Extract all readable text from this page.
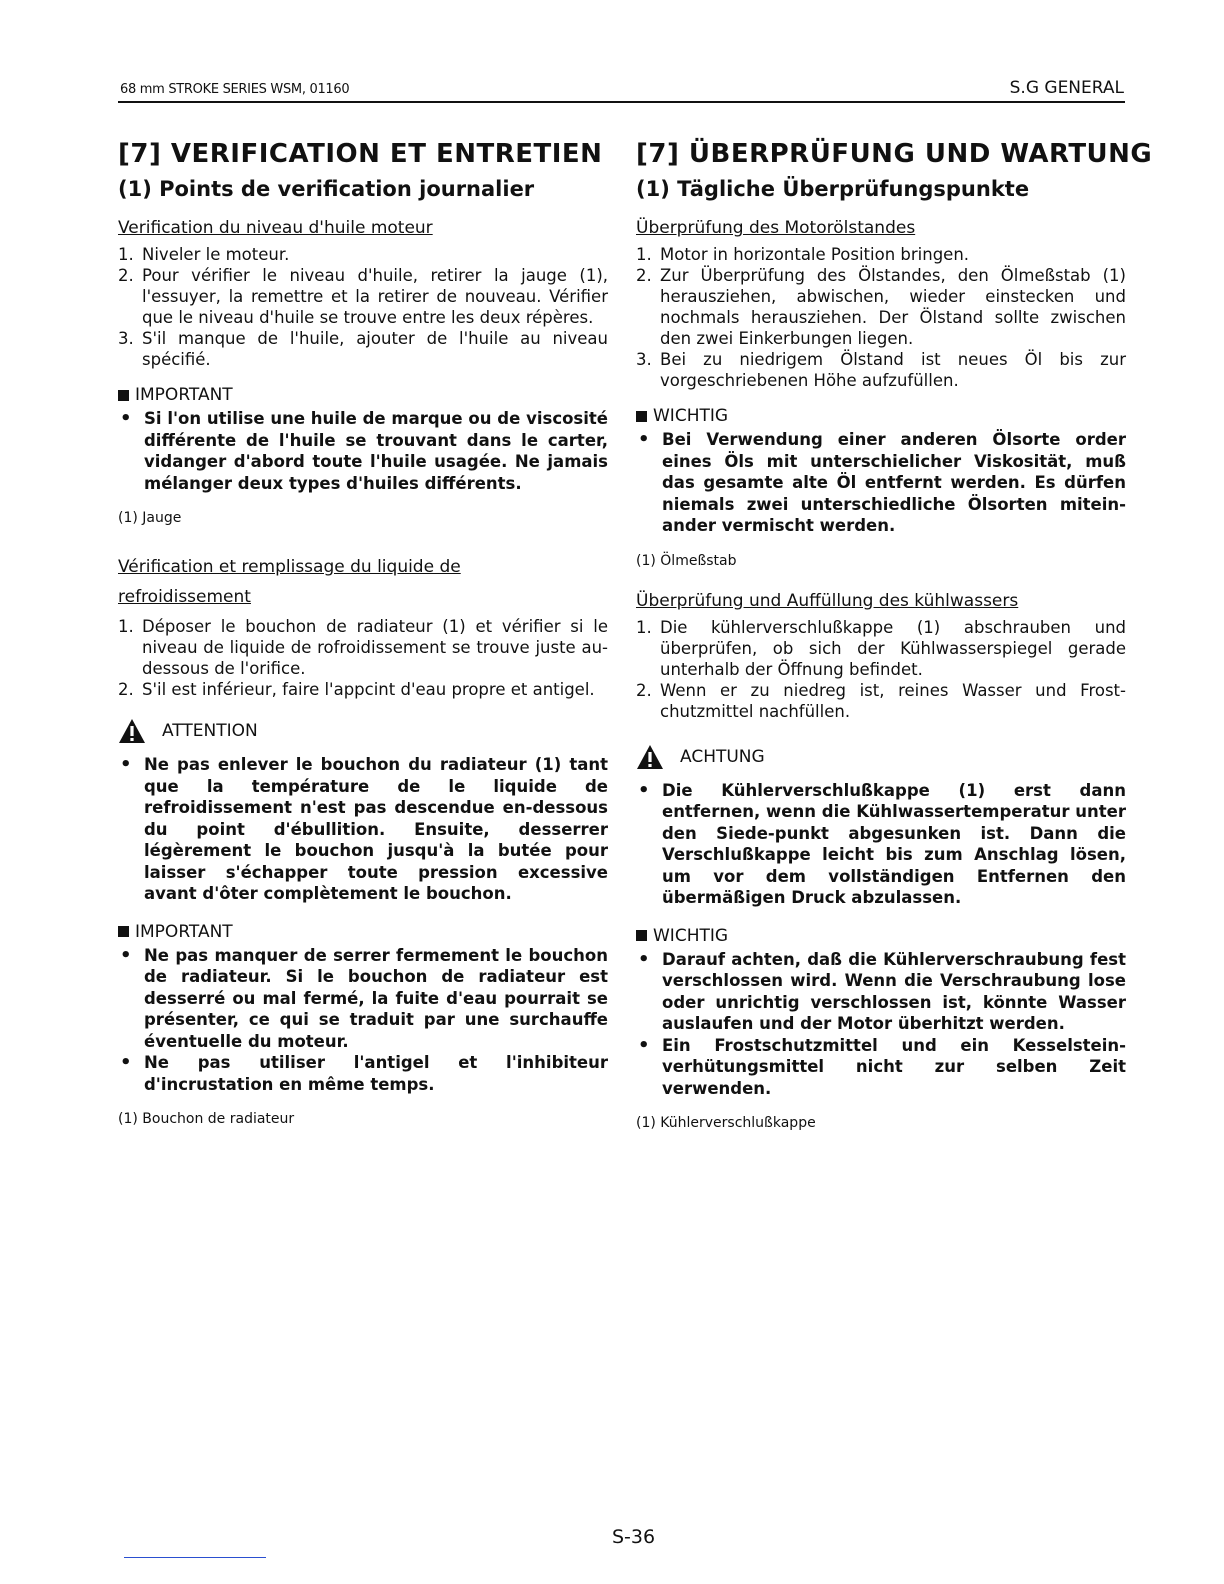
68 mm STROKE SERIES WSM, 01160	S.G GENERAL
[7] VERIFICATION ET ENTRETIEN
(1) Points de verification journalier
Verification du niveau d'huile moteur
1. Niveler le moteur.
2. Pour vérifier le niveau d'huile, retirer la jauge (1), l'essuyer, la remettre et la retirer de nouveau. Vérifier que le niveau d'huile se trouve entre les deux répères.
3. S'il manque de l'huile, ajouter de l'huile au niveau spécifié.
IMPORTANT
• Si l'on utilise une huile de marque ou de viscosité différente de l'huile se trouvant dans le carter, vidanger d'abord toute l'huile usagée. Ne jamais mélanger deux types d'huiles différents.
(1) Jauge
Vérification et remplissage du liquide de
refroidissement
1. Déposer le bouchon de radiateur (1) et vérifier si le niveau de liquide de rofroidissement se trouve juste au-dessous de l'orifice.
2. S'il est inférieur, faire l'appcint d'eau propre et antigel.
ATTENTION
• Ne pas enlever le bouchon du radiateur (1) tant que la température de le liquide de refroidissement n'est pas descendue en-dessous du point d'ébullition. Ensuite, desserrer légèrement le bouchon jusqu'à la butée pour laisser s'échapper toute pression excessive avant d'ôter complètement le bouchon.
IMPORTANT
• Ne pas manquer de serrer fermement le bouchon de radiateur. Si le bouchon de radiateur est desserré ou mal fermé, la fuite d'eau pourrait se présenter, ce qui se traduit par une surchauffe éventuelle du moteur.
• Ne pas utiliser l'antigel et l'inhibiteur d'incrustation en même temps.
(1) Bouchon de radiateur
[7] ÜBERPRÜFUNG UND WARTUNG
(1) Tägliche Überprüfungspunkte
Überprüfung des Motorölstandes
1. Motor in horizontale Position bringen.
2. Zur Überprüfung des Ölstandes, den Ölmeßstab (1) herausziehen, abwischen, wieder einstecken und nochmals herausziehen. Der Ölstand sollte zwischen den zwei Einkerbungen liegen.
3. Bei zu niedrigem Ölstand ist neues Öl bis zur vorgeschriebenen Höhe aufzufüllen.
WICHTIG
• Bei Verwendung einer anderen Ölsorte order eines Öls mit unterschielicher Viskosität, muß das gesamte alte Öl entfernt werden. Es dürfen niemals zwei unterschiedliche Ölsorten mitein-ander vermischt werden.
(1) Ölmeßstab
Überprüfung und Auffüllung des kühlwassers
1. Die kühlerverschlußkappe (1) abschrauben und überprüfen, ob sich der Kühlwasserspiegel gerade unterhalb der Öffnung befindet.
2. Wenn er zu niedreg ist, reines Wasser und Frost-chutzmittel nachfüllen.
ACHTUNG
• Die Kühlerverschlußkappe (1) erst dann entfernen, wenn die Kühlwassertemperatur unter den Siede-punkt abgesunken ist. Dann die Verschlußkappe leicht bis zum Anschlag lösen, um vor dem vollständigen Entfernen den übermäßigen Druck abzulassen.
WICHTIG
• Darauf achten, daß die Kühlerverschraubung fest verschlossen wird. Wenn die Verschraubung lose oder unrichtig verschlossen ist, könnte Wasser auslaufen und der Motor überhitzt werden.
• Ein Frostschutzmittel und ein Kesselstein-verhütungsmittel nicht zur selben Zeit verwenden.
(1) Kühlerverschlußkappe
S-36
